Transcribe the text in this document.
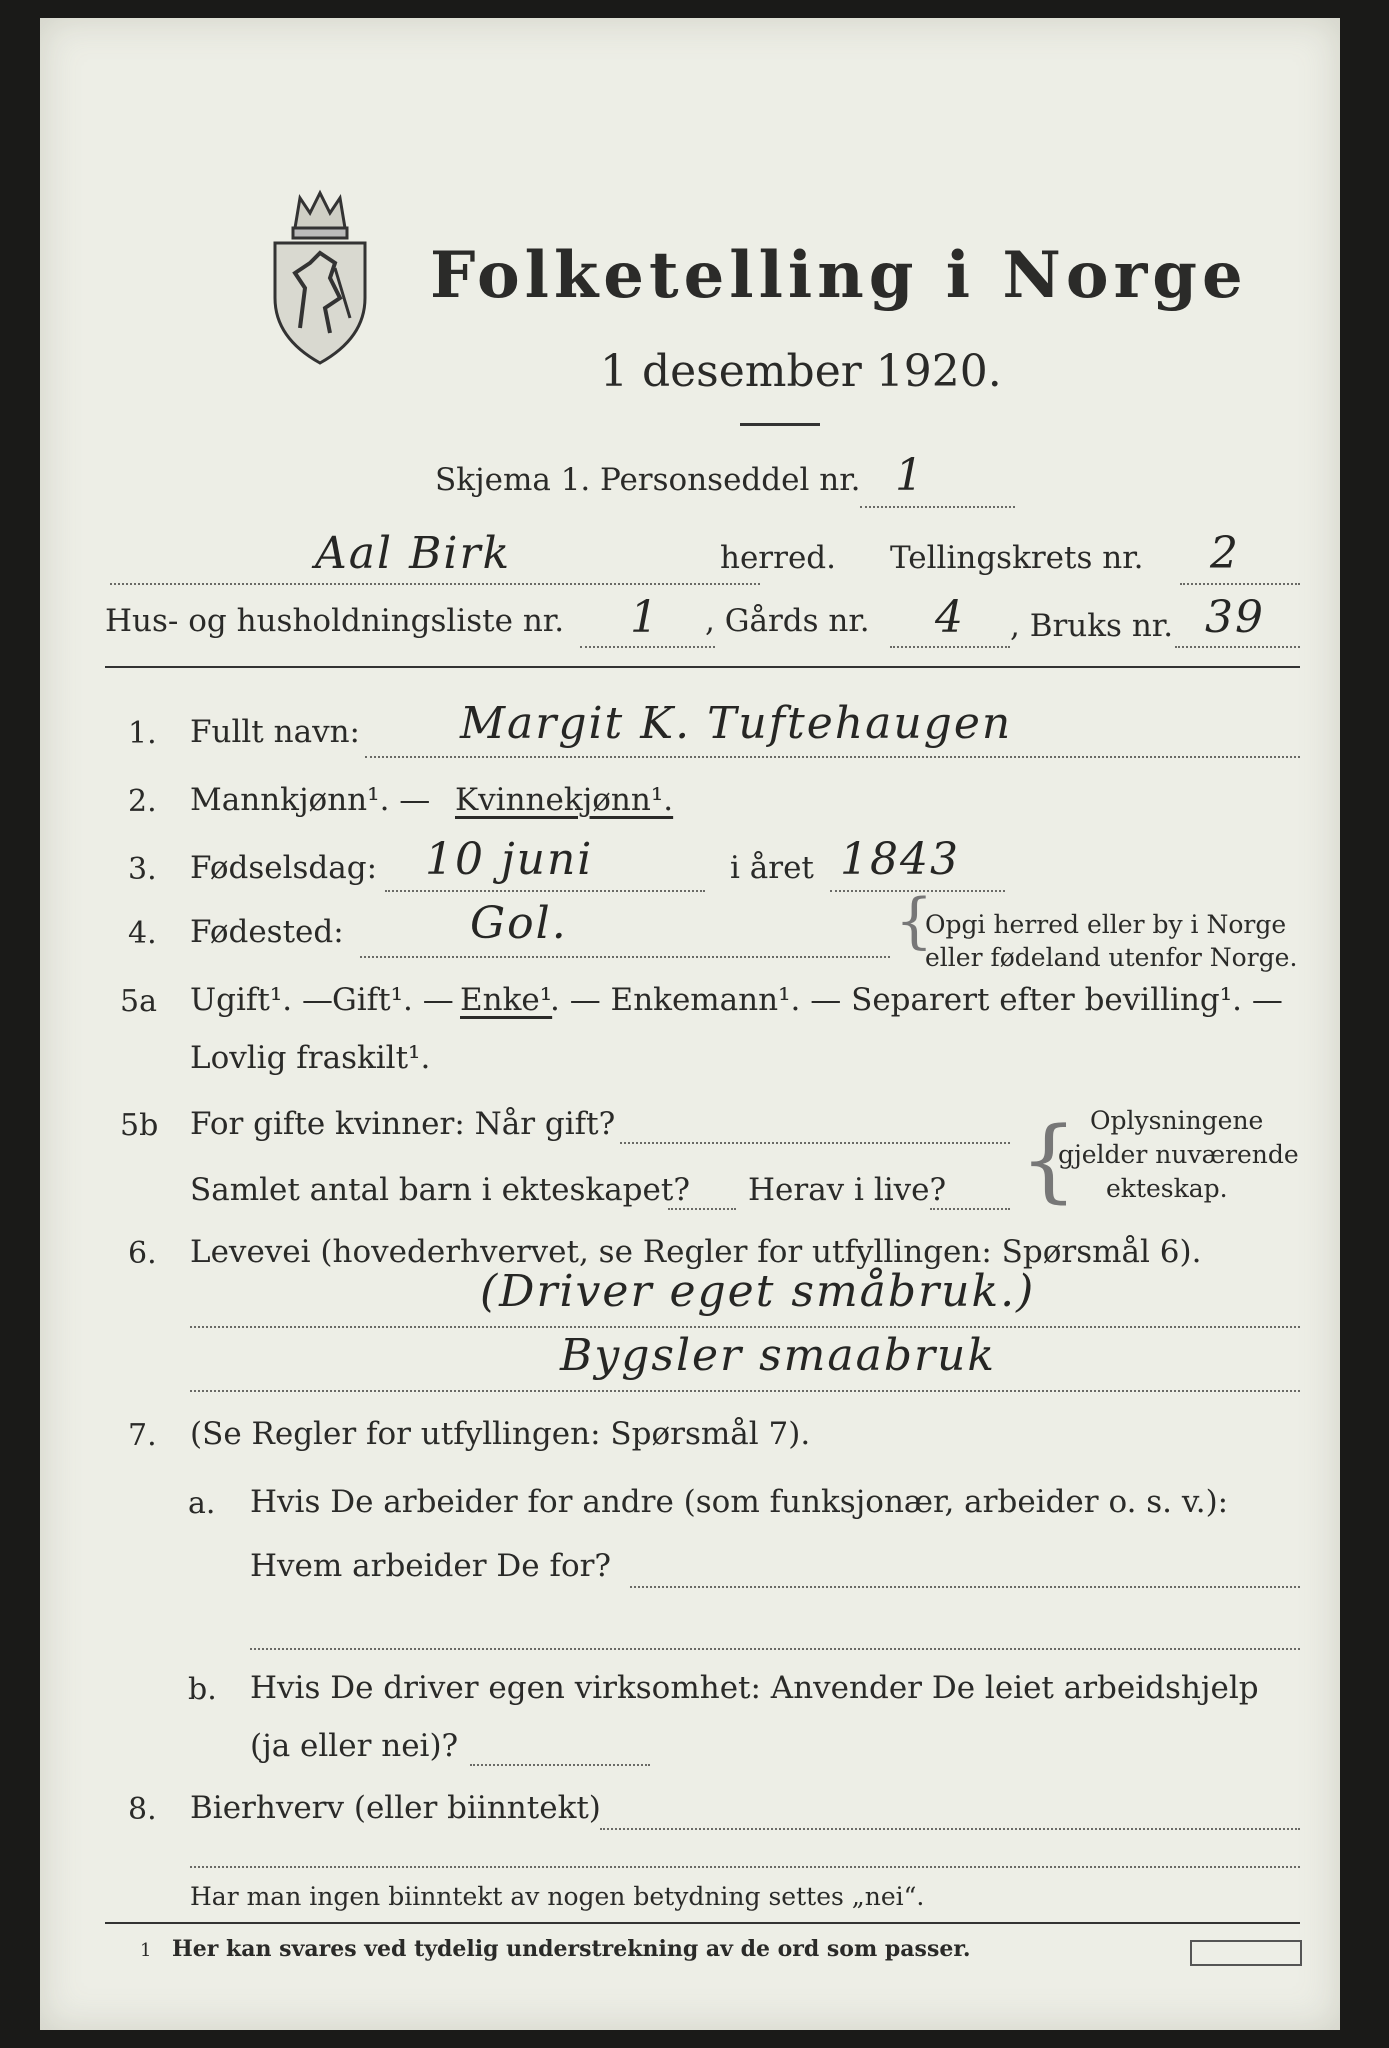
Folketelling i Norge
1 desember 1920.
Skjema 1. Personseddel nr. 1
Aal Birk	herred. Tellingskrets nr. 2
Hus- og husholdningsliste nr. 1 , Gårds nr. 4 , Bruks nr. 39
1. Fullt navn: Margit K. Tuftehaugen
2. Mannkjønn¹. — Kvinnekjønn¹.
3. Fødselsdag: 10 juni	i året 1843
4. Fødested:	Gol.	{
Opgi herred eller by i Norge
eller fødeland utenfor Norge.
5a Ugift¹. — Gift¹. — Enke¹
. — Enkemann¹. — Separert efter bevilling¹. —
Lovlig fraskilt¹.
5b For gifte kvinner: Når gift?
Samlet antal barn i ekteskapet? Herav i live? { Oplysningene
gjelder nuværende
ekteskap.
6. Levevei (hovederhvervet, se Regler for utfyllingen: Spørsmål 6).
(Driver eget småbruk.)
Bygsler smaabruk
7. (Se Regler for utfyllingen: Spørsmål 7).
a. Hvis De arbeider for andre (som funksjonær, arbeider o. s. v.):
Hvem arbeider De for?
b. Hvis De driver egen virksomhet: Anvender De leiet arbeidshjelp
(ja eller nei)?
8. Bierhverv (eller biinntekt)
Har man ingen biinntekt av nogen betydning settes „nei“.
1 Her kan svares ved tydelig understrekning av de ord som passer.
